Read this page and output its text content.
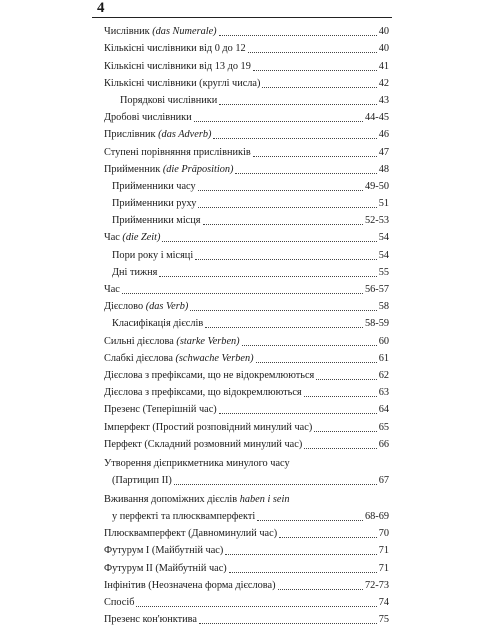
4
Числівник (das Numerale)	40
Кількісні числівники від 0 до 12	40
Кількісні числівники від 13 до 19	41
Кількісні числівники (круглі числа)	42
Порядкові числівники	43
Дробові числівники	44-45
Прислівник (das Adverb)	46
Ступені порівняння прислівників	47
Прийменник (die Präposition)	48
Прийменники часу	49-50
Прийменники руху	51
Прийменники місця	52-53
Час (die Zeit)	54
Пори року і місяці	54
Дні тижня	55
Час	56-57
Дієслово (das Verb)	58
Класифікація дієслів	58-59
Сильні дієслова (starke Verben)	60
Слабкі дієслова (schwache Verben)	61
Дієслова з префіксами, що не відокремлюються	62
Дієслова з префіксами, що відокремлюються	63
Презенс (Теперішній час)	64
Імперфект (Простий розповідний минулий час)	65
Перфект (Складний розмовний минулий час)	66
Утворення дієприкметника минулого часу
(Партицип II)	67
Вживання допоміжних дієслів haben і sein
у перфекті та плюсквамперфекті	68-69
Плюсквамперфект (Давноминулий час)	70
Футурум І (Майбутній час)	71
Футурум II (Майбутній час)	71
Інфінітив (Неозначена форма дієслова)	72-73
Спосіб	74
Презенс кон'юнктива	75
